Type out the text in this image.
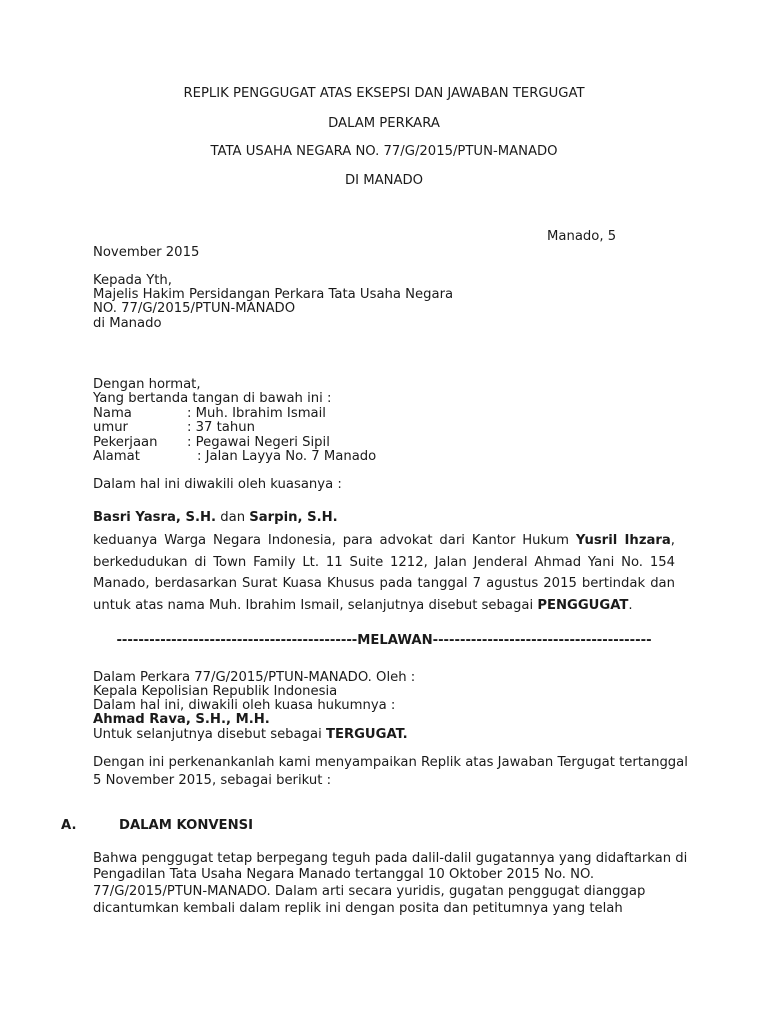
REPLIK PENGGUGAT ATAS EKSEPSI DAN JAWABAN TERGUGAT
DALAM PERKARA
TATA USAHA NEGARA NO. 77/G/2015/PTUN-MANADO
DI MANADO
Manado, 5
November 2015
Kepada Yth,
Majelis Hakim Persidangan Perkara Tata Usaha Negara
NO. 77/G/2015/PTUN-MANADO
di Manado
Dengan hormat,
Yang bertanda tangan di bawah ini :
Nama	: Muh. Ibrahim Ismail
umur	: 37 tahun
Pekerjaan : Pegawai Negeri Sipil
Alamat	: Jalan Layya No. 7 Manado
Dalam hal ini diwakili oleh kuasanya :
Basri Yasra, S.H. dan Sarpin, S.H.
keduanya Warga Negara Indonesia, para advokat dari Kantor Hukum Yusril Ihzara,
berkedudukan di Town Family Lt. 11 Suite 1212, Jalan Jenderal Ahmad Yani No. 154
Manado, berdasarkan Surat Kuasa Khusus pada tanggal 7 agustus 2015 bertindak dan
untuk atas nama Muh. Ibrahim Ismail, selanjutnya disebut sebagai PENGGUGAT.
--------------------------------------------MELAWAN----------------------------------------
Dalam Perkara 77/G/2015/PTUN-MANADO. Oleh :
Kepala Kepolisian Republik Indonesia
Dalam hal ini, diwakili oleh kuasa hukumnya :
Ahmad Rava, S.H., M.H.
Untuk selanjutnya disebut sebagai TERGUGAT.
Dengan ini perkenankanlah kami menyampaikan Replik atas Jawaban Tergugat tertanggal
5 November 2015, sebagai berikut :
A.	DALAM KONVENSI
Bahwa penggugat tetap berpegang teguh pada dalil-dalil gugatannya yang didaftarkan di
Pengadilan Tata Usaha Negara Manado tertanggal 10 Oktober 2015 No. NO.
77/G/2015/PTUN-MANADO. Dalam arti secara yuridis, gugatan penggugat dianggap
dicantumkan kembali dalam replik ini dengan posita dan petitumnya yang telah
